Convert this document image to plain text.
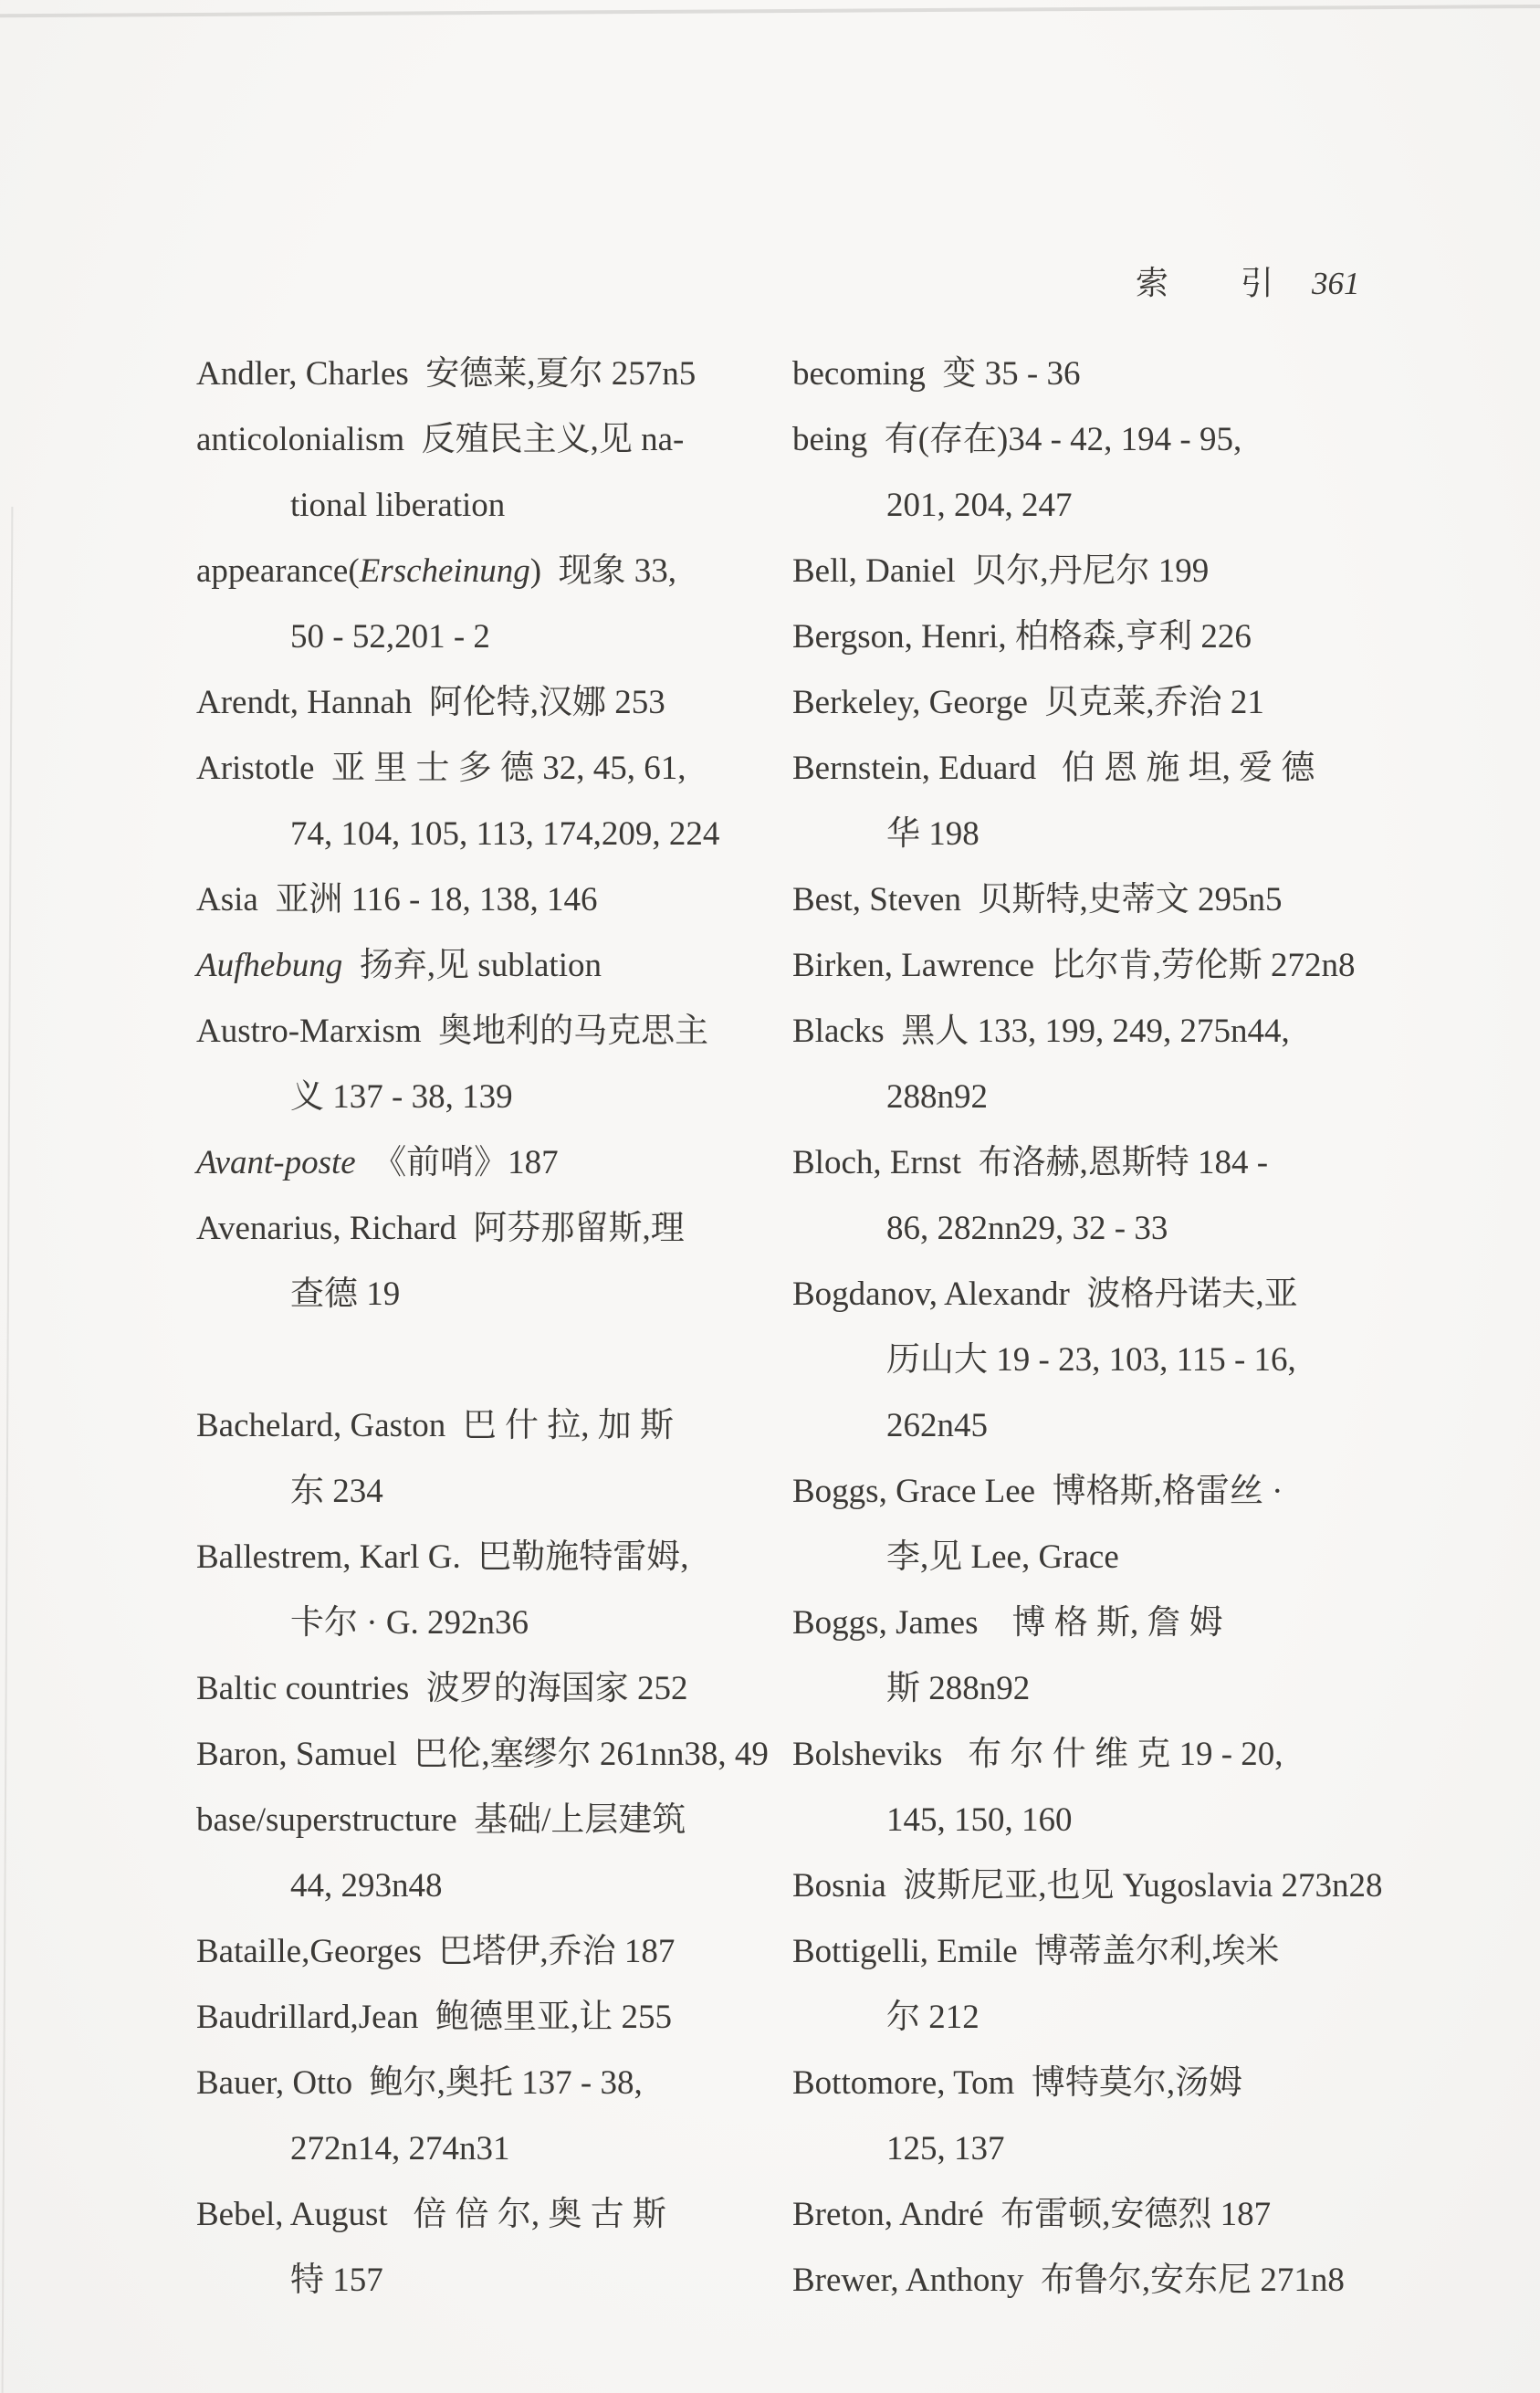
索       引 361

Andler, Charles  安德莱,夏尔 257n5
anticolonialism  反殖民主义,见 na-
tional liberation
appearance(Erscheinung)  现象 33,
50 - 52,201 - 2
Arendt, Hannah  阿伦特,汉娜 253
Aristotle  亚 里 士 多 德 32, 45, 61,
74, 104, 105, 113, 174,209, 224
Asia  亚洲 116 - 18, 138, 146
Aufhebung  扬弃,见 sublation
Austro-Marxism  奥地利的马克思主
义 137 - 38, 139
Avant-poste  《前哨》187
Avenarius, Richard  阿芬那留斯,理
查德 19
Bachelard, Gaston  巴 什 拉, 加 斯
东 234
Ballestrem, Karl G.  巴勒施特雷姆,
卡尔 · G. 292n36
Baltic countries  波罗的海国家 252
Baron, Samuel  巴伦,塞缪尔 261nn38, 49
base/superstructure  基础/上层建筑
44, 293n48
Bataille,Georges  巴塔伊,乔治 187
Baudrillard,Jean  鲍德里亚,让 255
Bauer, Otto  鲍尔,奥托 137 - 38,
272n14, 274n31
Bebel, August   倍 倍 尔, 奥 古 斯
特 157
becoming  变 35 - 36
being  有(存在)34 - 42, 194 - 95,
201, 204, 247
Bell, Daniel  贝尔,丹尼尔 199
Bergson, Henri, 柏格森,亨利 226
Berkeley, George  贝克莱,乔治 21
Bernstein, Eduard   伯 恩 施 坦, 爱 德
华 198
Best, Steven  贝斯特,史蒂文 295n5
Birken, Lawrence  比尔肯,劳伦斯 272n8
Blacks  黑人 133, 199, 249, 275n44,
288n92
Bloch, Ernst  布洛赫,恩斯特 184 -
86, 282nn29, 32 - 33
Bogdanov, Alexandr  波格丹诺夫,亚
历山大 19 - 23, 103, 115 - 16,
262n45
Boggs, Grace Lee  博格斯,格雷丝 ·
李,见 Lee, Grace
Boggs, James    博 格 斯, 詹 姆
斯 288n92
Bolsheviks   布 尔 什 维 克 19 - 20,
145, 150, 160
Bosnia  波斯尼亚,也见 Yugoslavia 273n28
Bottigelli, Emile  博蒂盖尔利,埃米
尔 212
Bottomore, Tom  博特莫尔,汤姆
125, 137
Breton, André  布雷顿,安德烈 187
Brewer, Anthony  布鲁尔,安东尼 271n8
